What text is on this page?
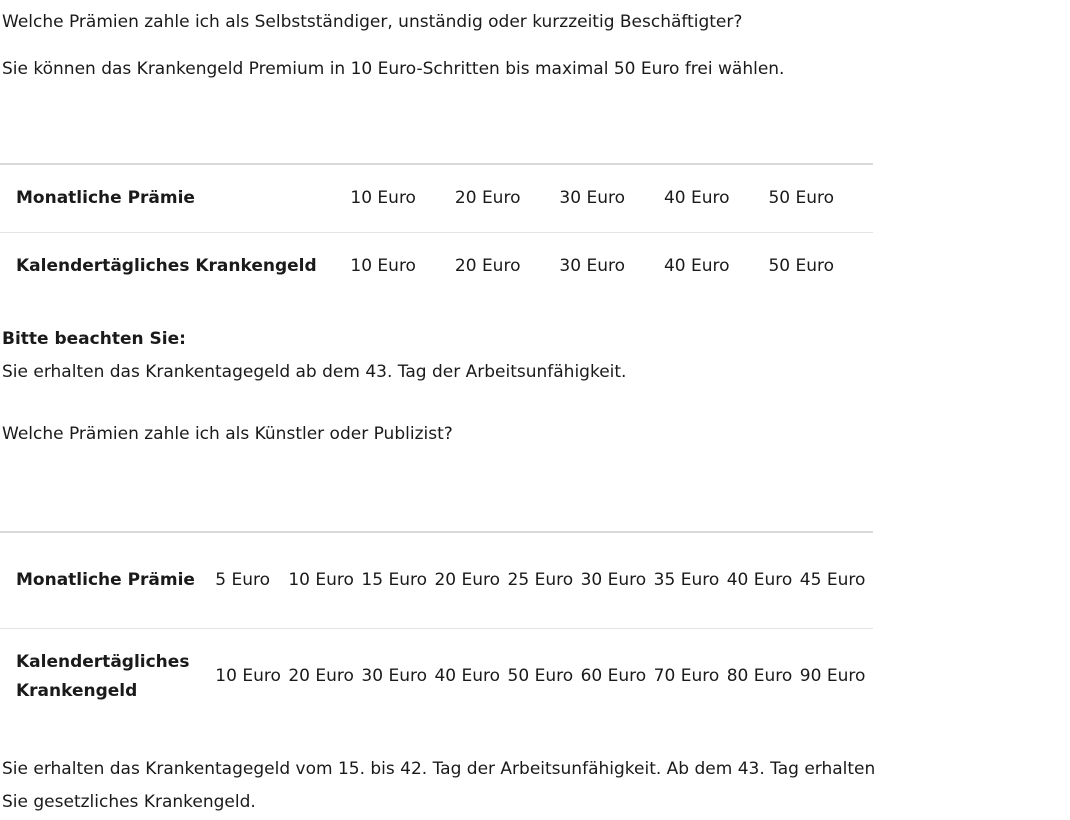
Welche Prämien zahle ich als Selbstständiger, unständig oder kurzzeitig Beschäftigter?

Sie können das Krankengeld Premium in 10 Euro-Schritten bis maximal 50 Euro frei wählen.

Monatliche Prämie	10 Euro	20 Euro	30 Euro	40 Euro	50 Euro
Kalendertägliches Krankengeld	10 Euro	20 Euro	30 Euro	40 Euro	50 Euro

Bitte beachten Sie:

Sie erhalten das Krankentagegeld ab dem 43. Tag der Arbeitsunfähigkeit.

Welche Prämien zahle ich als Künstler oder Publizist?

Monatliche Prämie	5 Euro	10 Euro	15 Euro	20 Euro	25 Euro	30 Euro	35 Euro	40 Euro	45 Euro

Kalendertägliches Krankengeld	10 Euro	20 Euro	30 Euro	40 Euro	50 Euro	60 Euro	70 Euro	80 Euro	90 Euro

Sie erhalten das Krankentagegeld vom 15. bis 42. Tag der Arbeitsunfähigkeit. Ab dem 43. Tag erhalten Sie gesetzliches Krankengeld.
